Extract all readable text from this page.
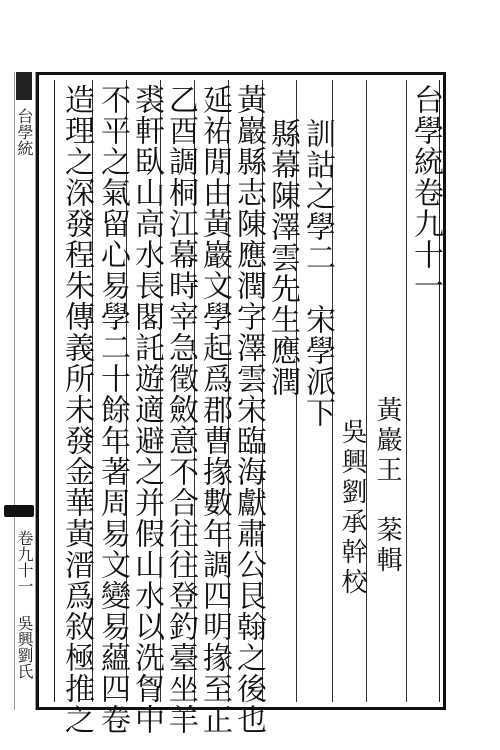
台學統
卷九十一
吳興劉氏
台學統卷九十一
黃巖王　棻輯
吳興劉承幹校
訓詁之學二　宋學派下
縣幕陳澤雲先生應潤
黃巖縣志陳應潤字澤雲宋臨海獻肅公艮翰之後也
延祐閒由黃巖文學起爲郡曹掾數年調四明掾至正
乙酉調桐江幕時宰急徵斂意不合往往登釣臺坐羊
裘軒臥山高水長閣託遊適避之并假山水以洗胷中
不平之氣留心易學二十餘年著周易文變易蘊四卷
造理之深發程朱傳義所未發金華黃溍爲敘極推之
